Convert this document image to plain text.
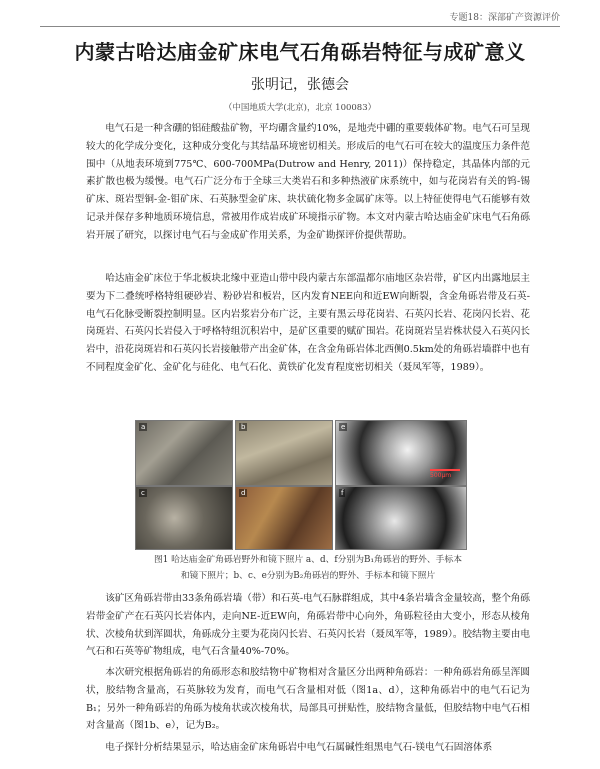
专题18：深部矿产资源评价
内蒙古哈达庙金矿床电气石角砾岩特征与成矿意义
张明记，张德会
（中国地质大学(北京)，北京 100083）

电气石是一种含硼的铝硅酸盐矿物，平均硼含量约10%，是地壳中硼的重要载体矿物。电气石可呈现较大的化学成分变化，这种成分变化与其结晶环境密切相关。形成后的电气石可在较大的温度压力条件范围中（从地表环境到775℃、600-700MPa(Dutrow and Henry, 2011)）保持稳定，其晶体内部的元素扩散也极为缓慢。电气石广泛分布于全球三大类岩石和多种热液矿床系统中，如与花岗岩有关的钨-锡矿床、斑岩型铜-金-钼矿床、石英脉型金矿床、块状硫化物多金属矿床等。以上特征使得电气石能够有效记录并保存多种地质环境信息，常被用作成岩成矿环境指示矿物。本文对内蒙古哈达庙金矿床电气石角砾岩开展了研究，以探讨电气石与金成矿作用关系，为金矿勘探评价提供帮助。

哈达庙金矿床位于华北板块北缘中亚造山带中段内蒙古东部温都尔庙地区杂岩带，矿区内出露地层主要为下二叠统呼格特组硬砂岩、粉砂岩和板岩，区内发育NEE向和近EW向断裂，含金角砾岩带及石英-电气石化脉受断裂控制明显。区内岩浆岩分布广泛，主要有黑云母花岗岩、石英闪长岩、花岗闪长岩、花岗斑岩、石英闪长岩侵入于呼格特组沉积岩中，是矿区重要的赋矿围岩。花岗斑岩呈岩株状侵入石英闪长岩中，沿花岗斑岩和石英闪长岩接触带产出金矿体，在含金角砾岩体北西侧0.5km处的角砾岩墙群中也有不同程度金矿化、金矿化与硅化、电气石化、黄铁矿化发育程度密切相关（聂凤军等，1989）。

a	b
c	d
e
500μm
f
图1 哈达庙金矿角砾岩野外和镜下照片 a、d、f分别为B₁角砾岩的野外、手标本
和镜下照片；b、c、e分别为B₂角砾岩的野外、手标本和镜下照片

该矿区角砾岩带由33条角砾岩墙（带）和石英-电气石脉群组成，其中4条岩墙含金量较高，整个角砾岩带金矿产在石英闪长岩体内，走向NE-近EW向，角砾岩带中心向外，角砾粒径由大变小，形态从棱角状、次棱角状到浑圆状，角砾成分主要为花岗闪长岩、石英闪长岩（聂凤军等，1989）。胶结物主要由电气石和石英等矿物组成，电气石含量40%-70%。

本次研究根据角砾岩的角砾形态和胶结物中矿物相对含量区分出两种角砾岩：一种角砾岩角砾呈浑圆状，胶结物含量高，石英脉较为发育，而电气石含量相对低（图1a、d），这种角砾岩中的电气石记为B₁；另外一种角砾岩的角砾为棱角状或次棱角状，局部具可拼贴性，胶结物含量低，但胶结物中电气石相对含量高（图1b、e），记为B₂。

电子探针分析结果显示，哈达庙金矿床角砾岩中电气石属碱性组黑电气石-镁电气石固溶体系
